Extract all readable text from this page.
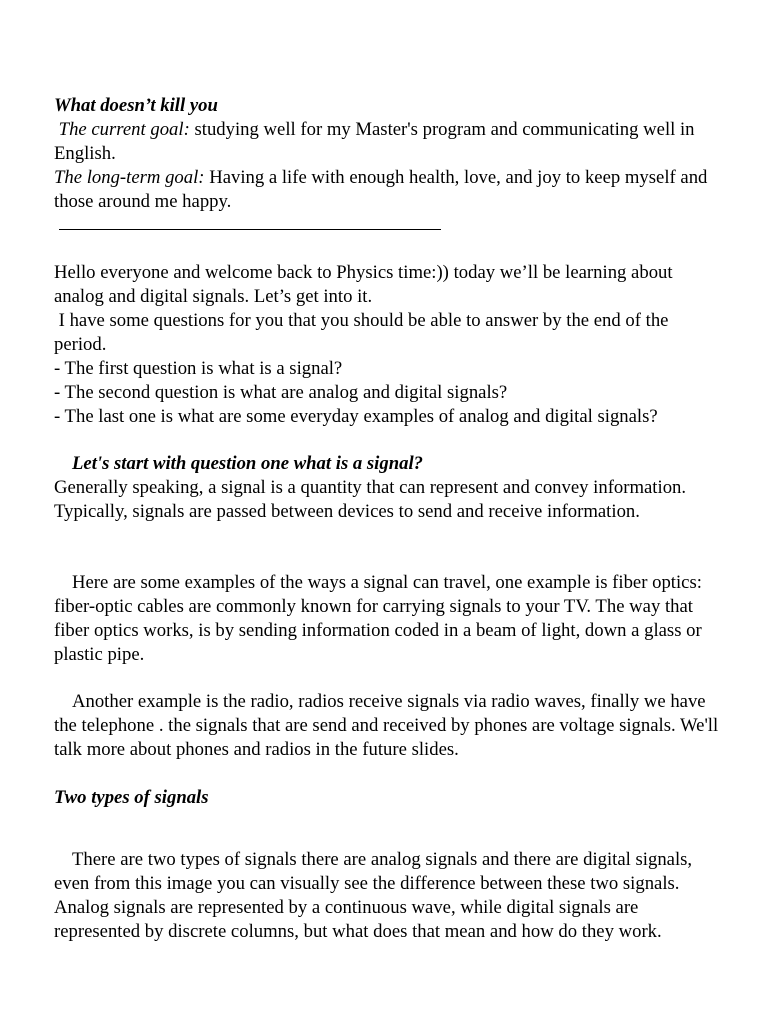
What doesn’t kill you

The current goal: studying well for my Master's program and communicating well in English.

The long-term goal: Having a life with enough health, love, and joy to keep myself and those around me happy.

Hello everyone and welcome back to Physics time:)) today we’ll be learning about analog and digital signals. Let’s get into it.

I have some questions for you that you should be able to answer by the end of the period.

- The first question is what is a signal?

- The second question is what are analog and digital signals?

- The last one is what are some everyday examples of analog and digital signals?

Let's start with question one what is a signal?

Generally speaking, a signal is a quantity that can represent and convey information. Typically, signals are passed between devices to send and receive information.

Here are some examples of the ways a signal can travel, one example is fiber optics: fiber-optic cables are commonly known for carrying signals to your TV. The way that fiber optics works, is by sending information coded in a beam of light, down a glass or plastic pipe.

Another example is the radio, radios receive signals via radio waves, finally we have the telephone . the signals that are send and received by phones are voltage signals. We'll talk more about phones and radios in the future slides.

Two types of signals

There are two types of signals there are analog signals and there are digital signals, even from this image you can visually see the difference between these two signals. Analog signals are represented by a continuous wave, while digital signals are represented by discrete columns, but what does that mean and how do they work.
